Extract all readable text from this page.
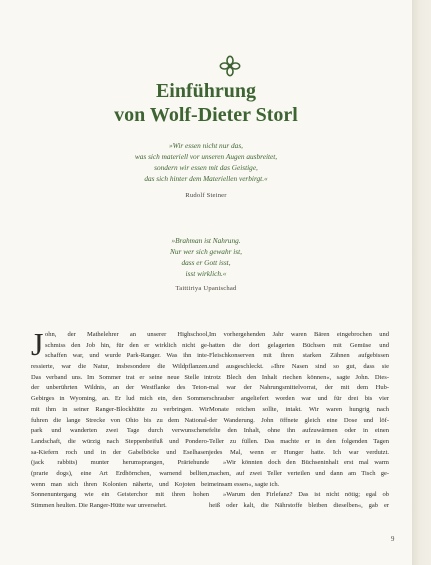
Einführung
von Wolf-Dieter Storl
»Wir essen nicht nur das,
was sich materiell vor unseren Augen ausbreitet,
sondern wir essen mit das Geistige,
das sich hinter dem Materiellen verbirgt.«
Rudolf Steiner
»Brahman ist Nahrung.
Nur wer sich gewahr ist,
dass er Gott isst,
isst wirklich.«
Taittiriya Upanischad
J ohn, der Mathelehrer an unserer Highschool,
schmiss den Job hin, für den er wirklich nicht ge-
schaffen war, und wurde Park-Ranger. Was ihn inte-
ressierte, war die Natur, insbesondere die Wildpflanzen.
Das verband uns. Im Sommer trat er seine neue Stelle in
der unberührten Wildnis, an der Westflanke des Teton-
Gebirges in Wyoming, an. Er lud mich ein, den Sommer
mit ihm in seiner Ranger-Blockhütte zu verbringen. Wir
fuhren die lange Strecke von Ohio bis zu dem National-
park und wanderten zwei Tage durch verwunschene
Landschaft, die würzig nach Steppenbeifuß und Pondero-
sa-Kiefern roch und in der Gabelböcke und Eselhasen
(jack rabbits) munter herumsprangen, Präriehunde
(prarie dogs), eine Art Erdhörnchen, warnend bellten,
wenn man sich ihren Kolonien näherte, und Kojoten bei
Sonnenuntergang wie ein Geisterchor mit ihren hohen
Stimmen heulten. Die Ranger-Hütte war unversehrt.
Im vorhergehenden Jahr waren Bären eingebrochen und
hatten die dort gelagerten Büchsen mit Gemüse und
Fleischkonserven mit ihren starken Zähnen aufgebissen
und ausgeschleckt. »Ihre Nasen sind so gut, dass sie
trotz Blech den Inhalt riechen können«, sagte John. Dies-
mal war der Nahrungsmittelvorrat, der mit dem Hub-
schrauber angeliefert worden war und für drei bis vier
Monate reichen sollte, intakt. Wir waren hungrig nach
der Wanderung. John öffnete gleich eine Dose und löf-
felte den Inhalt, ohne ihn aufzuwärmen oder in einen
Teller zu füllen. Das machte er in den folgenden Tagen
jedes Mal, wenn er Hunger hatte. Ich war verdutzt.
»Wir könnten doch den Büchseninhalt erst mal warm
machen, auf zwei Teller verteilen und dann am Tisch ge-
meinsam essen«, sagte ich.
»Warum den Firlefanz? Das ist nicht nötig; egal ob
heiß oder kalt, die Nährstoffe bleiben dieselben«, gab er
9
